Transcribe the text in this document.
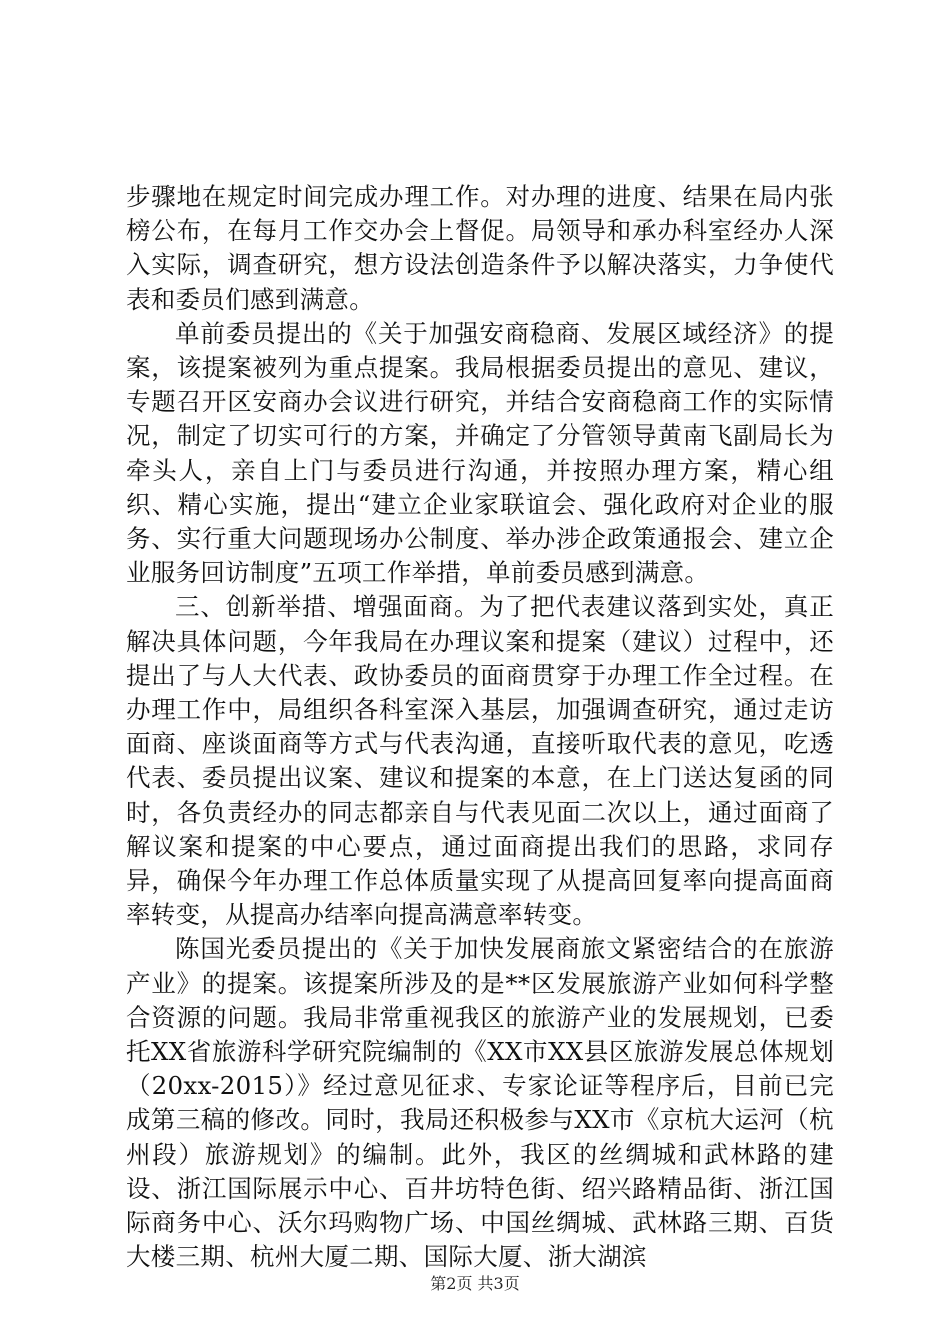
步骤地在规定时间完成办理工作。对办理的进度、结果在局内张榜公布，在每月工作交办会上督促。局领导和承办科室经办人深入实际，调查研究，想方设法创造条件予以解决落实，力争使代表和委员们感到满意。

单前委员提出的《关于加强安商稳商、发展区域经济》的提案，该提案被列为重点提案。我局根据委员提出的意见、建议，专题召开区安商办会议进行研究，并结合安商稳商工作的实际情况，制定了切实可行的方案，并确定了分管领导黄南飞副局长为牵头人，亲自上门与委员进行沟通，并按照办理方案，精心组织、精心实施，提出“建立企业家联谊会、强化政府对企业的服务、实行重大问题现场办公制度、举办涉企政策通报会、建立企业服务回访制度”五项工作举措，单前委员感到满意。

三、创新举措、增强面商。为了把代表建议落到实处，真正解决具体问题，今年我局在办理议案和提案（建议）过程中，还提出了与人大代表、政协委员的面商贯穿于办理工作全过程。在办理工作中，局组织各科室深入基层，加强调查研究，通过走访面商、座谈面商等方式与代表沟通，直接听取代表的意见，吃透代表、委员提出议案、建议和提案的本意，在上门送达复函的同时，各负责经办的同志都亲自与代表见面二次以上，通过面商了解议案和提案的中心要点，通过面商提出我们的思路，求同存异，确保今年办理工作总体质量实现了从提高回复率向提高面商率转变，从提高办结率向提高满意率转变。

陈国光委员提出的《关于加快发展商旅文紧密结合的在旅游产业》的提案。该提案所涉及的是**区发展旅游产业如何科学整合资源的问题。我局非常重视我区的旅游产业的发展规划，已委托XX省旅游科学研究院编制的《XX市XX县区旅游发展总体规划（20xx-2015）》经过意见征求、专家论证等程序后，目前已完成第三稿的修改。同时，我局还积极参与XX市《京杭大运河（杭州段）旅游规划》的编制。此外，我区的丝绸城和武林路的建设、浙江国际展示中心、百井坊特色街、绍兴路精品街、浙江国际商务中心、沃尔玛购物广场、中国丝绸城、武林路三期、百货大楼三期、杭州大厦二期、国际大厦、浙大湖滨

第2页 共3页
